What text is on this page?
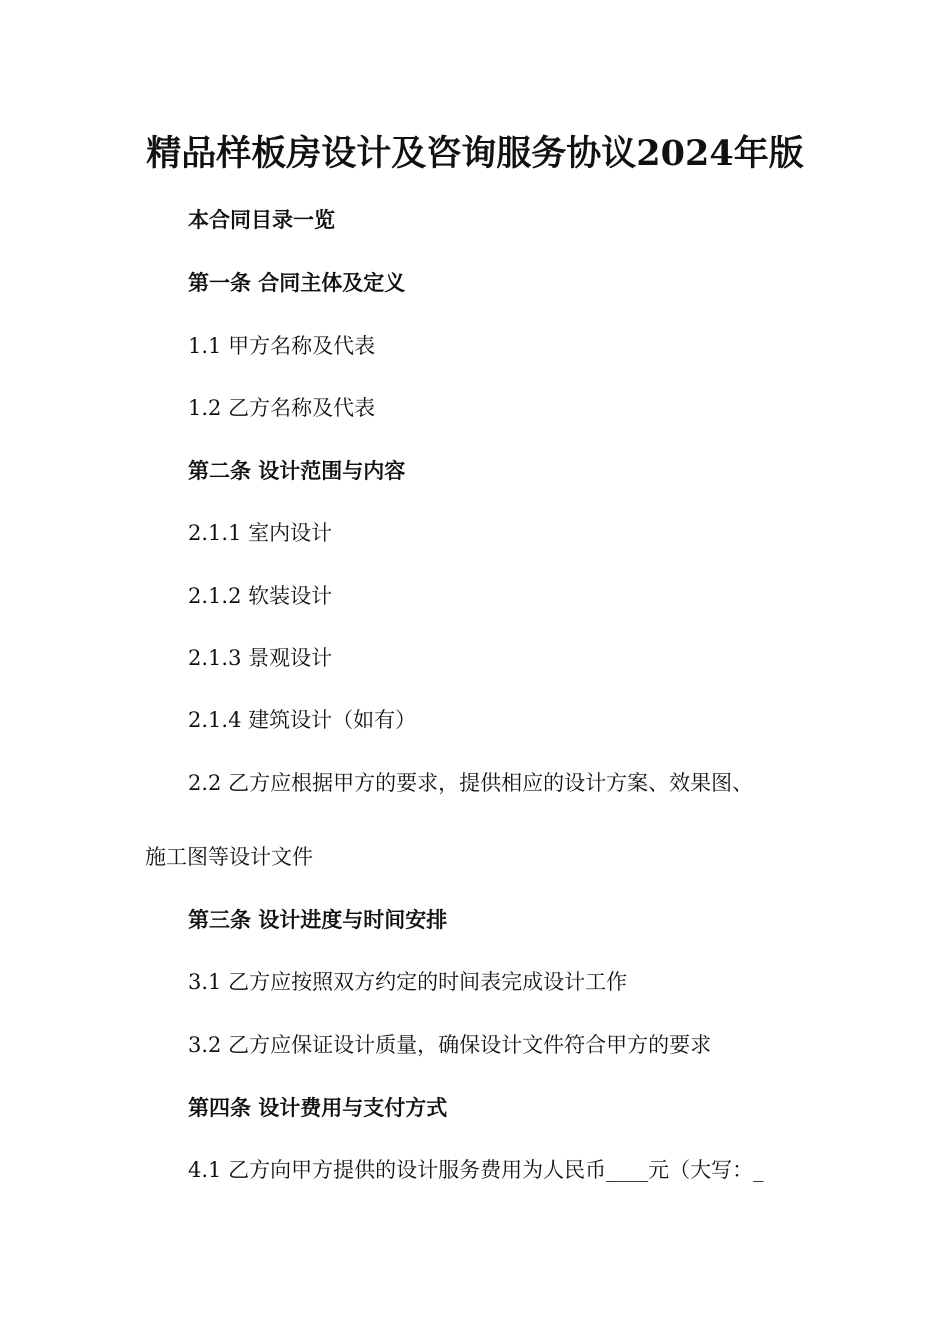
精品样板房设计及咨询服务协议2024年版
本合同目录一览
第一条 合同主体及定义
1.1 甲方名称及代表
1.2 乙方名称及代表
第二条 设计范围与内容
2.1.1 室内设计
2.1.2 软装设计
2.1.3 景观设计
2.1.4 建筑设计（如有）
2.2 乙方应根据甲方的要求，提供相应的设计方案、效果图、
施工图等设计文件
第三条 设计进度与时间安排
3.1 乙方应按照双方约定的时间表完成设计工作
3.2 乙方应保证设计质量，确保设计文件符合甲方的要求
第四条 设计费用与支付方式
4.1 乙方向甲方提供的设计服务费用为人民币____元（大写：_
